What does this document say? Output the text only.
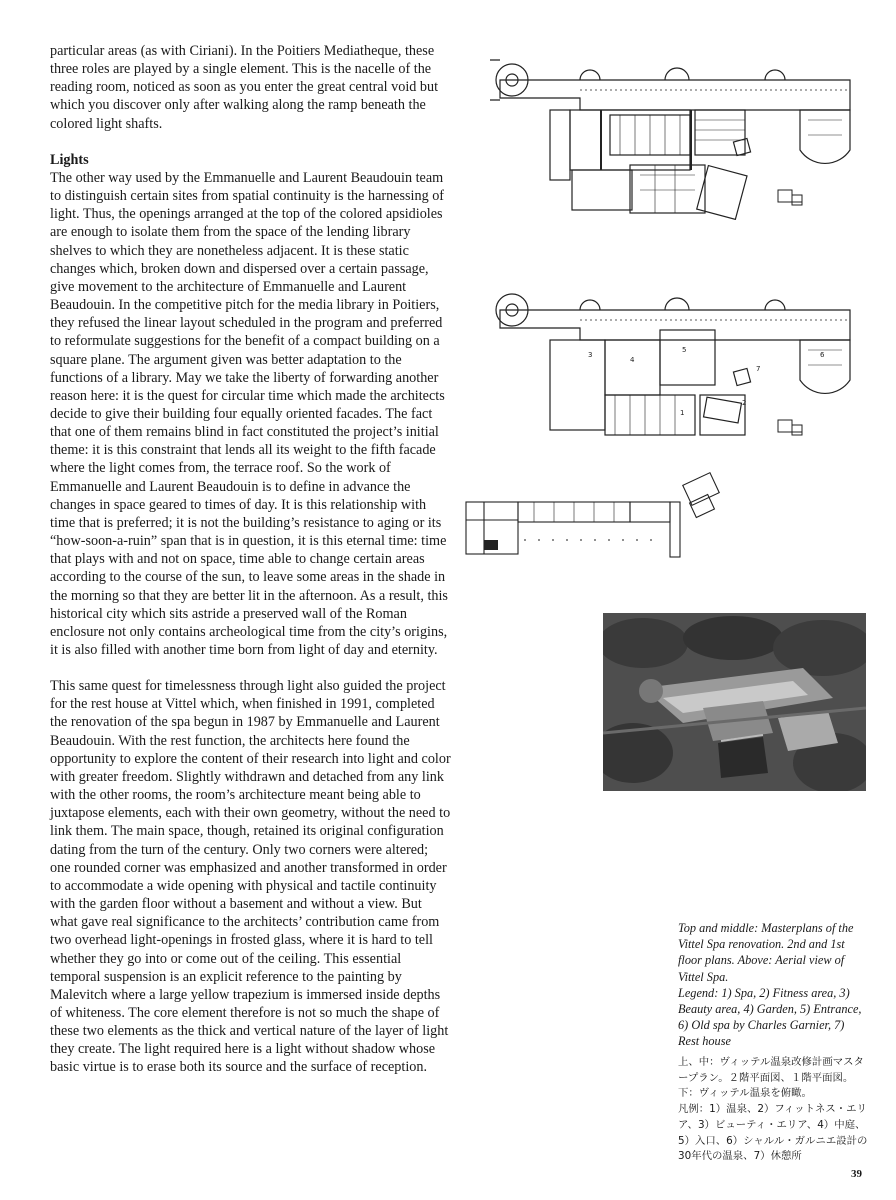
particular areas (as with Ciriani). In the Poitiers Mediatheque, these three roles are played by a single element. This is the nacelle of the reading room, noticed as soon as you enter the great central void but which you discover only after walking along the ramp beneath the colored light shafts.

Lights

The other way used by the Emmanuelle and Laurent Beaudouin team to distinguish certain sites from spatial continuity is the harnessing of light. Thus, the openings arranged at the top of the colored apsidioles are enough to isolate them from the space of the lending library shelves to which they are nonetheless adjacent. It is these static changes which, broken down and dispersed over a certain passage, give movement to the architecture of Emmanuelle and Laurent Beaudouin. In the competitive pitch for the media library in Poitiers, they refused the linear layout scheduled in the program and preferred to reformulate suggestions for the benefit of a compact building on a square plane. The argument given was better adaptation to the functions of a library. May we take the liberty of forwarding another reason here: it is the quest for circular time which made the architects decide to give their building four equally oriented facades. The fact that one of them remains blind in fact constituted the project’s initial theme: it is this constraint that lends all its weight to the fifth facade where the light comes from, the terrace roof. So the work of Emmanuelle and Laurent Beaudouin is to define in advance the changes in space geared to times of day. It is this relationship with time that is preferred; it is not the building’s resistance to aging or its “how-soon-a-ruin” span that is in question, it is this eternal time: time that plays with and not on space, time able to change certain areas according to the course of the sun, to leave some areas in the shade in the morning so that they are better lit in the afternoon. As a result, this historical city which sits astride a preserved wall of the Roman enclosure not only contains archeological time from the city’s origins, it is also filled with another time born from light of day and eternity.

This same quest for timelessness through light also guided the project for the rest house at Vittel which, when finished in 1991, completed the renovation of the spa begun in 1987 by Emmanuelle and Laurent Beaudouin. With the rest function, the architects here found the opportunity to explore the content of their research into light and color with greater freedom. Slightly withdrawn and detached from any link with the other rooms, the room’s architecture meant being able to juxtapose elements, each with their own geometry, without the need to link them. The main space, though, retained its original configuration dating from the turn of the century. Only two corners were altered; one rounded corner was emphasized and another transformed in order to accommodate a wide opening with physical and tactile continuity with the garden floor without a basement and without a view. But what gave real significance to the architects’ contribution came from two overhead light-openings in frosted glass, where it is hard to tell whether they go into or come out of the ceiling. This essential temporal suspension is an explicit reference to the painting by Malevitch where a large yellow trapezium is immersed inside depths of whiteness. The core element therefore is not so much the shape of these two elements as the thick and vertical nature of the layer of light they create. The light required here is a light without shadow whose basic virtue is to erase both its source and the surface of reception.

1
2
3
4
5
6
7
Top and middle: Masterplans of the Vittel Spa renovation. 2nd and 1st floor plans. Above: Aerial view of Vittel Spa.
Legend: 1) Spa, 2) Fitness area, 3) Beauty area, 4) Garden, 5) Entrance, 6) Old spa by Charles Garnier, 7) Rest house
上、中：ヴィッテル温泉改修計画マスタープラン。２階平面図、１階平面図。
下：ヴィッテル温泉を俯瞰。
凡例：1）温泉、2）フィットネス・エリア、3）ビューティ・エリア、4）中庭、5）入口、6）シャルル・ガルニエ設計の30年代の温泉、7）休憩所
39
